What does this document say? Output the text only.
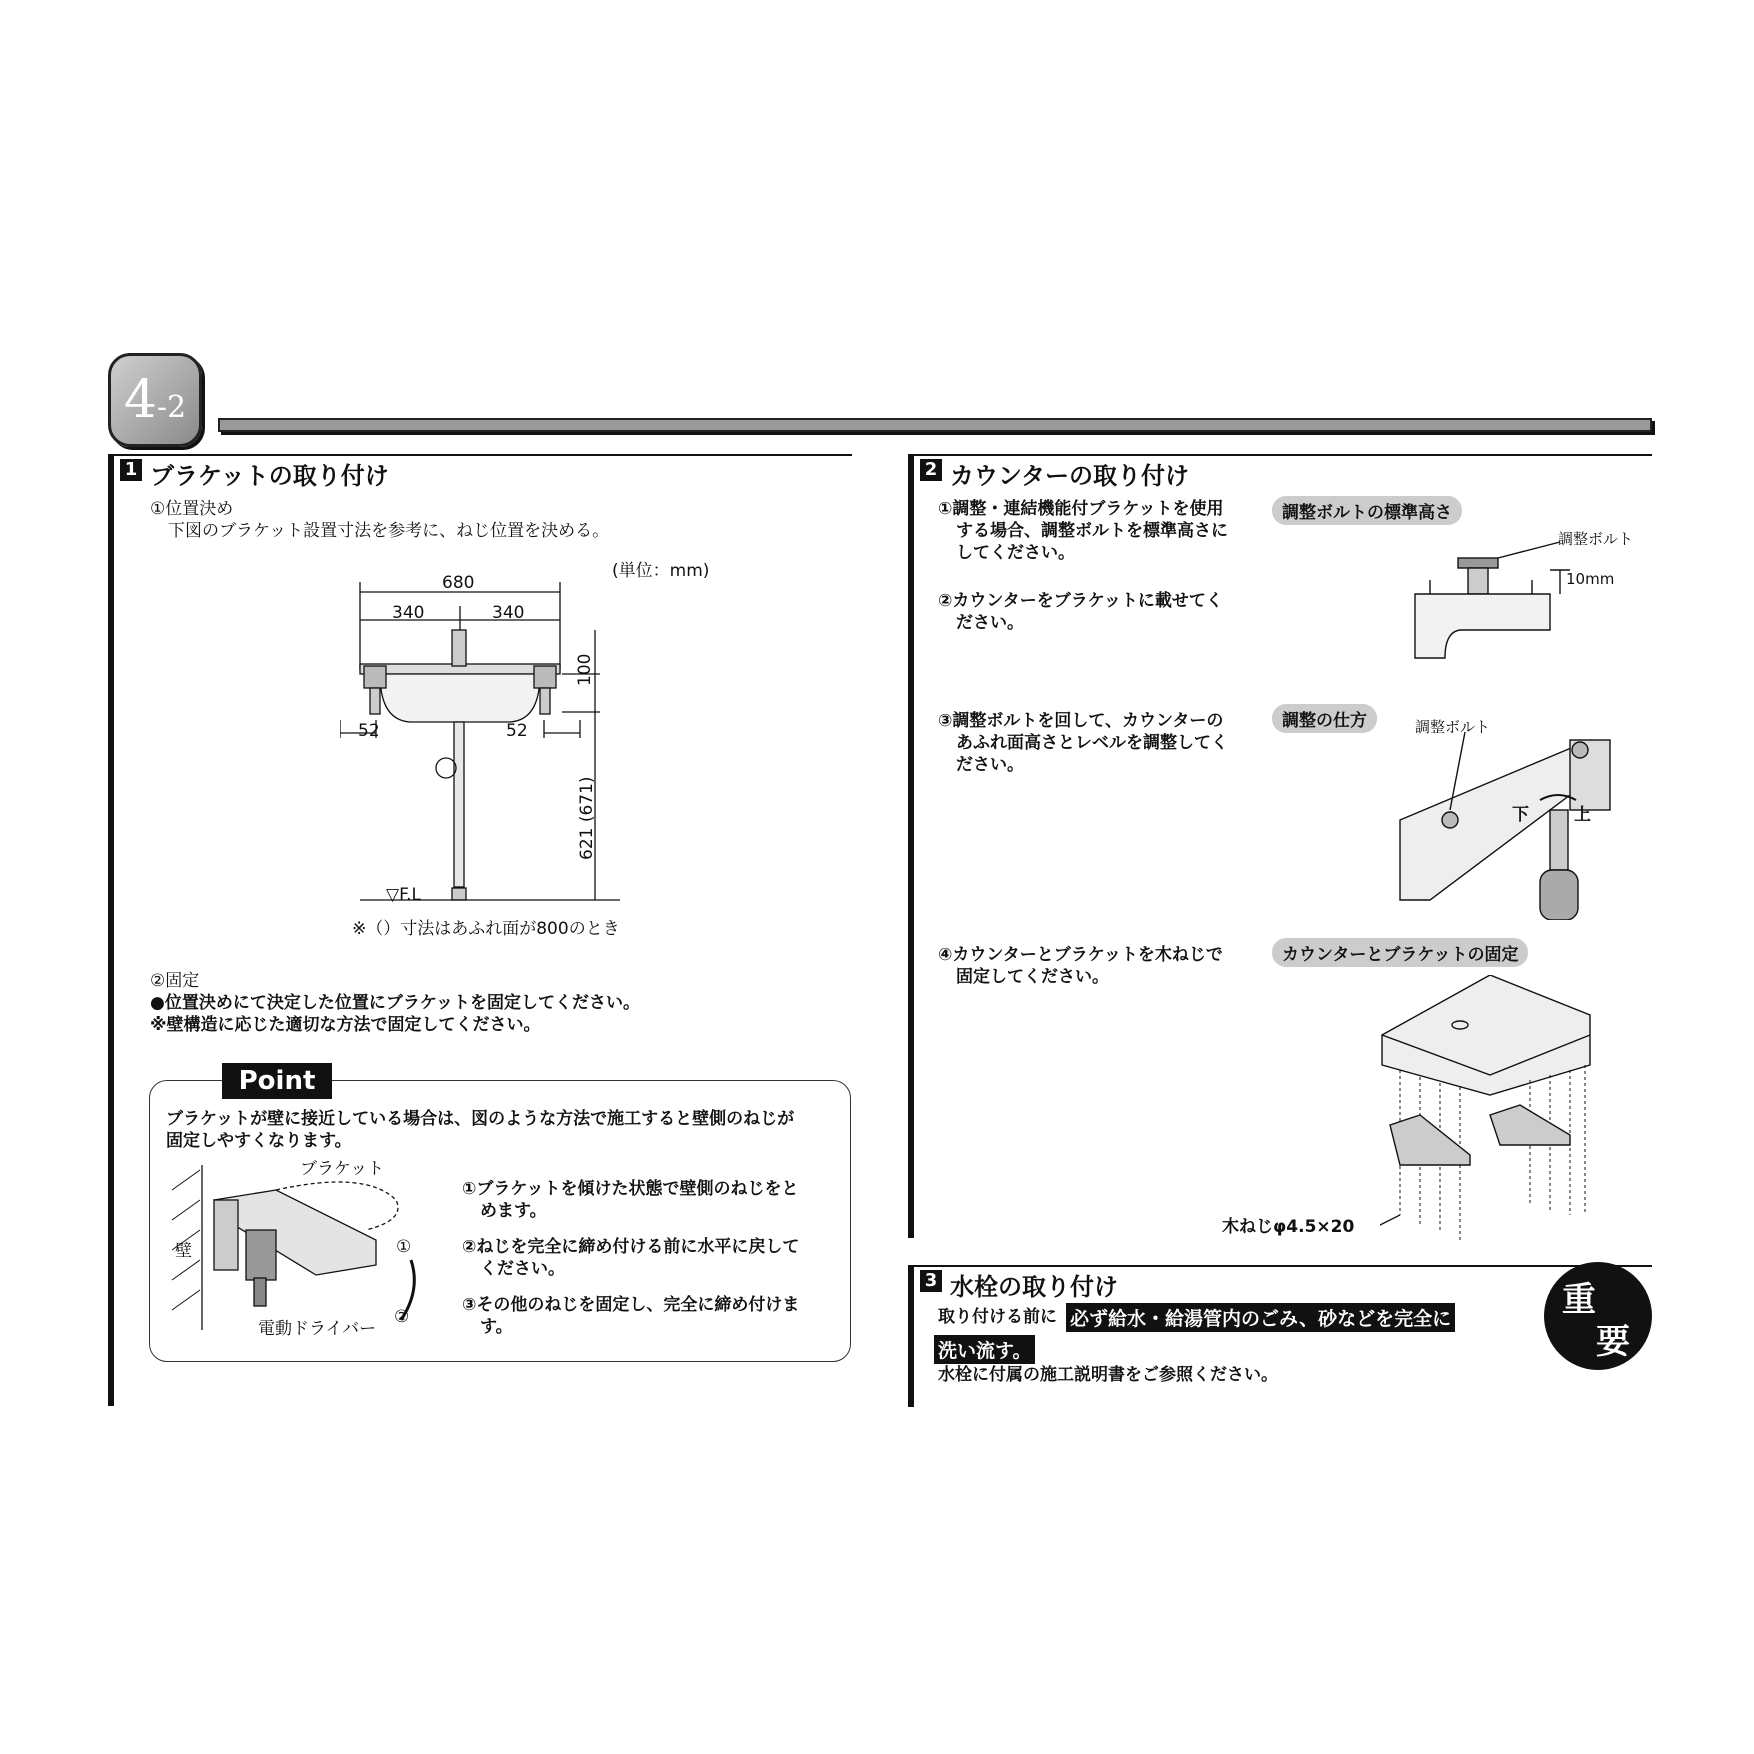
4-2
1 ブラケットの取り付け
①位置決め
下図のブラケット設置寸法を参考に、ねじ位置を決める。
(単位：mm)
680
340	340
100
52	52
621 (671)
▽F.L
※（）寸法はあふれ面が800のとき
②固定
●位置決めにて決定した位置にブラケットを固定してください。
※壁構造に応じた適切な方法で固定してください。
Point
ブラケットが壁に接近している場合は、図のような方法で施工すると壁側のねじが
固定しやすくなります。
ブラケット
壁
電動ドライバー
①
②
①ブラケットを傾けた状態で壁側のねじをと
めます。
②ねじを完全に締め付ける前に水平に戻して
ください。
③その他のねじを固定し、完全に締め付けま
す。
2 カウンターの取り付け
①調整・連結機能付ブラケットを使用
する場合、調整ボルトを標準高さに
してください。
②カウンターをブラケットに載せてく
ださい。
③調整ボルトを回して、カウンターの
あふれ面高さとレベルを調整してく
ださい。
④カウンターとブラケットを木ねじで
固定してください。
調整ボルトの標準高さ
調整の仕方
カウンターとブラケットの固定
調整ボルト
10mm
調整ボルト
下	上
木ねじφ4.5×20
3 水栓の取り付け
取り付ける前に 必ず給水・給湯管内のごみ、砂などを完全に
洗い流す。
水栓に付属の施工説明書をご参照ください。
重
要
